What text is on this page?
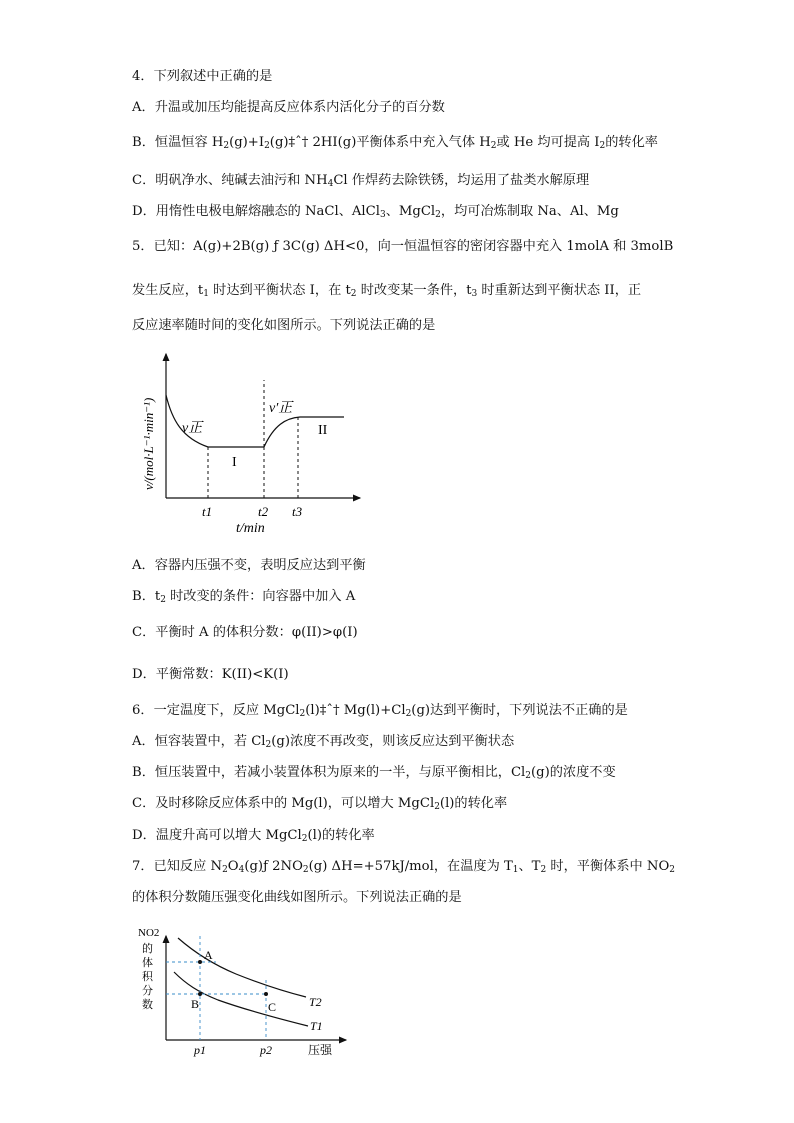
4．下列叙述中正确的是
A．升温或加压均能提高反应体系内活化分子的百分数
B．恒温恒容 $H_2(g)+I_2(g)\ddagger ˆ\dagger$ 2HI(g)平衡体系中充入气体 $H_2$或 He 均可提高 $I_2$的转化率
C．明矾净水、纯碱去油污和 $NH_4Cl$ 作焊药去除铁锈，均运用了盐类水解原理
D．用惰性电极电解熔融态的 NaCl、AlCl$_3$、MgCl$_2$，均可冶炼制取 Na、Al、Mg
5．已知：A(g)+2B(g) ƒ 3C(g) ΔH<0，向一恒温恒容的密闭容器中充入 1molA 和 3molB
发生反应，$t_1$ 时达到平衡状态 I，在 $t_2$ 时改变某一条件，$t_3$ 时重新达到平衡状态 II，正
反应速率随时间的变化如图所示。下列说法正确的是
v/(mol·L⁻¹·min⁻¹) v正
v′正
I
II
t1	t2 t3
t/min
A．容器内压强不变，表明反应达到平衡
B．$t_2$ 时改变的条件：向容器中加入 A
C．平衡时 A 的体积分数：φ(II)>φ(I)
D．平衡常数：K(II)<K(I)
6．一定温度下，反应 MgCl$_2$(l)‡ˆ† $Mg(l)+Cl_2(g)$达到平衡时，下列说法不正确的是
A．恒容装置中，若 $Cl_2(g)$浓度不再改变，则该反应达到平衡状态
B．恒压装置中，若减小装置体积为原来的一半，与原平衡相比，$Cl_2(g)$的浓度不变
C．及时移除反应体系中的 Mg(l)，可以增大 MgCl$_2$(l)的转化率
D．温度升高可以增大 MgCl$_2$(l)的转化率
7．已知反应 $N_2O_4(g)ƒ$ $2NO_2(g)$ ΔH=+57kJ/mol，在温度为 $T_1$、$T_2$ 时，平衡体系中 $NO_2$
的体积分数随压强变化曲线如图所示。下列说法正确的是
A
B	C	T2
T1
NO2
的
体
积
分
数
p1	p2	压强
